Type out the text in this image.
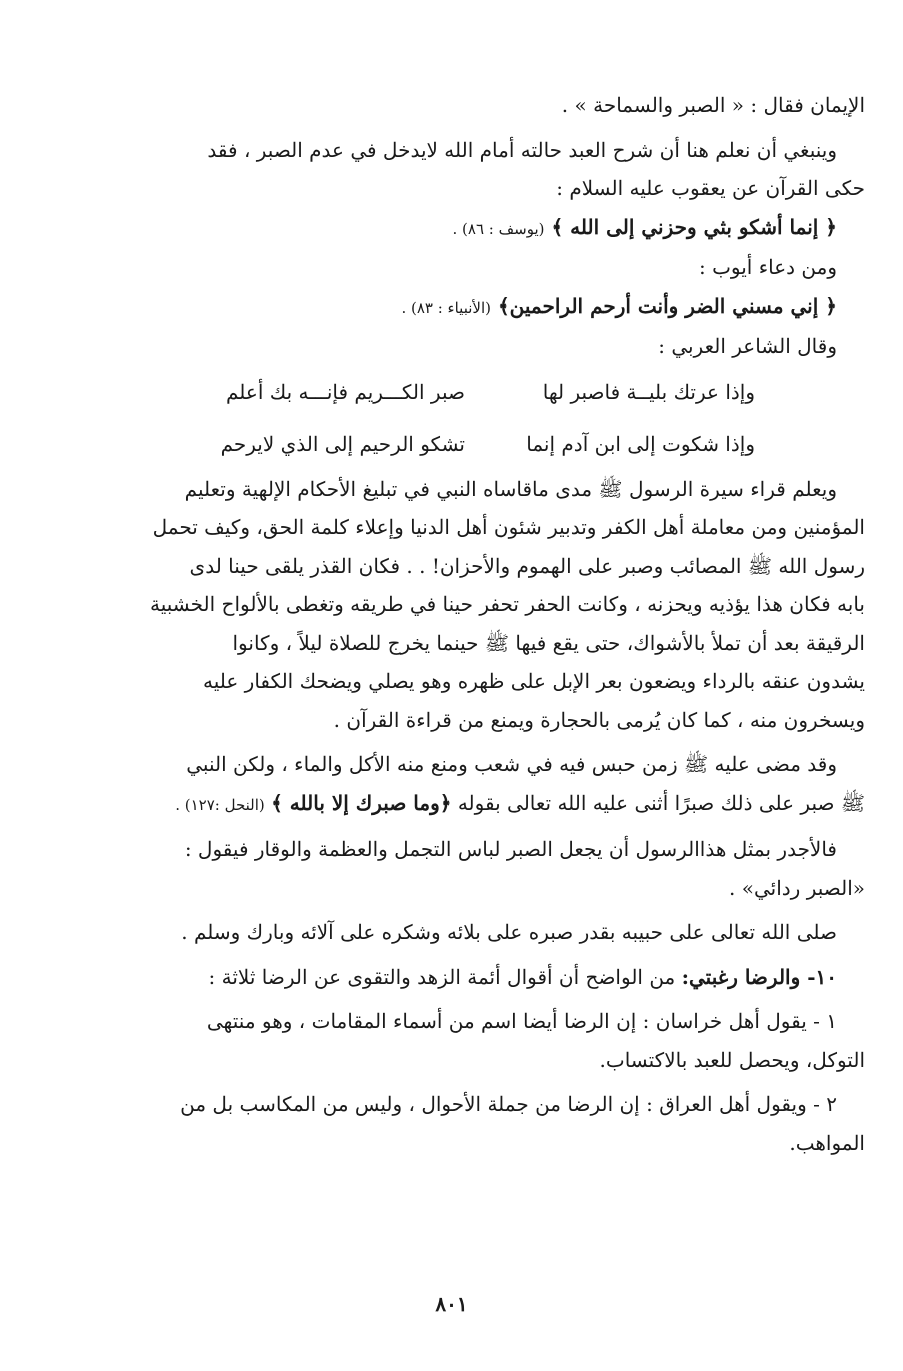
الإيمان فقال : « الصبر والسماحة » .
وينبغي أن نعلم هنا أن شرح العبد حالته أمام الله لايدخل في عدم الصبر ، فقد
حكى القرآن عن يعقوب عليه السلام :
﴿ إنما أشكو بثي وحزني إلى الله ﴾ (يوسف : ٨٦) .
ومن دعاء أيوب :
﴿ إني مسني الضر وأنت أرحم الراحمين﴾ (الأنبياء : ٨٣) .
وقال الشاعر العربي :
وإذا عرتك بليــة فاصبر لها
صبر الكـــريم فإنـــه بك أعلم
وإذا شكوت إلى ابن آدم إنما
تشكو الرحيم إلى الذي لايرحم
ويعلم قراء سيرة الرسول ﷺ مدى ماقاساه النبي في تبليغ الأحكام الإلهية وتعليم
المؤمنين ومن معاملة أهل الكفر وتدبير شئون أهل الدنيا وإعلاء كلمة الحق، وكيف تحمل
رسول الله ﷺ المصائب وصبر على الهموم والأحزان! . . فكان القذر يلقى حينا لدى
بابه فكان هذا يؤذيه ويحزنه ، وكانت الحفر تحفر حينا في طريقه وتغطى بالألواح الخشبية
الرقيقة بعد أن تملأ بالأشواك، حتى يقع فيها ﷺ حينما يخرج للصلاة ليلاً ، وكانوا
يشدون عنقه بالرداء ويضعون بعر الإبل على ظهره وهو يصلي ويضحك الكفار عليه
ويسخرون منه ، كما كان يُرمى بالحجارة ويمنع من قراءة القرآن .
وقد مضى عليه ﷺ زمن حبس فيه في شعب ومنع منه الأكل والماء ، ولكن النبي
ﷺ صبر على ذلك صبرًا أثنى عليه الله تعالى بقوله ﴿وما صبرك إلا بالله ﴾ (النحل :١٢٧) .
فالأجدر بمثل هذاالرسول أن يجعل الصبر لباس التجمل والعظمة والوقار فيقول :
«الصبر ردائي» .
صلى الله تعالى على حبيبه بقدر صبره على بلائه وشكره على آلائه وبارك وسلم .
١٠- والرضا رغبتي: من الواضح أن أقوال أئمة الزهد والتقوى عن الرضا ثلاثة :
١ - يقول أهل خراسان : إن الرضا أيضا اسم من أسماء المقامات ، وهو منتهى
التوكل، ويحصل للعبد بالاكتساب.
٢ - ويقول أهل العراق : إن الرضا من جملة الأحوال ، وليس من المكاسب بل من
المواهب.
٨٠١
